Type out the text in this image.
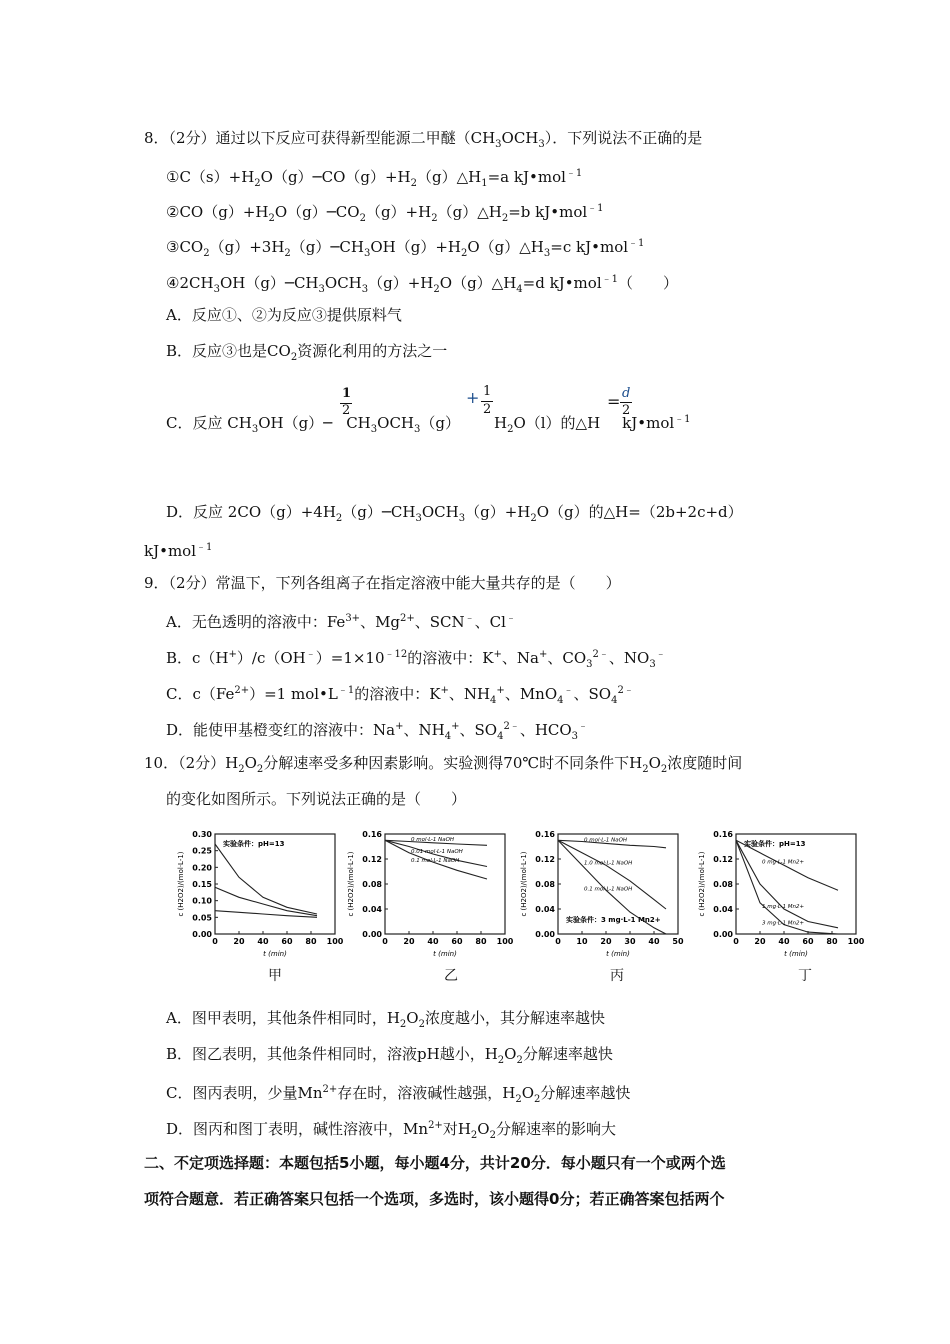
8．（2分）通过以下反应可获得新型能源二甲醚$(CH_3OCH_3)$．下列说法不正确的是
$①C(s)+H_2O(g)─CO(g)+H_2(g)\triangle H_1=a$ kJ•mol$^{﹣1}$
$②CO(g)+H_2O(g)─CO_2(g)+H_2(g)\triangle H_2=b$ kJ•mol$^{﹣1}$
$③CO_2(g)+3H_2(g)─CH_3OH(g)+H_2O(g)\triangle H_3=c$ kJ•mol$^{﹣1}$
$④2CH_3OH(g)─CH_3OCH_3(g)+H_2O(g)\triangle H_4=d$ kJ•mol$^{﹣1}$（　　）
A．反应①、②为反应③提供原料气
B．反应③也是$CO_2$资源化利用的方法之一
C．反应 $CH_3OH(g)─$ $CH_3OCH_3(g)$ $H_2O(l)$的△H kJ•mol$^{﹣1}$
1
2
+ 1
2	= d
2
D．反应 $2CO(g)+4H_2(g)─CH_3OCH_3(g)+H_2O(g)$的△H=（2b+2c+d）
kJ•mol$^{﹣1}$
9．（2分）常温下，下列各组离子在指定溶液中能大量共存的是（　　）
A．无色透明的溶液中：$Fe^{3+}$、$Mg^{2+}$、SCN﹣、Cl﹣
B．$c(H^+)/c(OH^﹣)=1\times 10^{﹣12}$的溶液中：K+、Na+、$CO_3^{2﹣}$、$NO_3^﹣$
C．$c(Fe^{2+})=1$ $mol•L^{﹣1}$的溶液中：K+、$NH_4^+$、MnO$_4$﹣、$SO_4^{2﹣}$
D．能使甲基橙变红的溶液中：Na+、$NH_4^+$、$SO_4^{2﹣}$、$HCO_3^﹣$
10．（2分）$H_2O_2$分解速率受多种因素影响。实验测得70℃时不同条件下$H_2O_2$浓度随时间
的变化如图所示。下列说法正确的是（　　）
0.00
0.05
0.10
0.15
0.20
0.25
0.30
0 20 40 60 80 100
t (min)
c (H2O2)/(mol·L-1)
实验条件：pH=13
0.00
0.04
0.08
0.12
0.16
0 20 40 60 80 100
t (min)
c (H2O2)/(mol·L-1)
0 mol·L-1 NaOH
0.01 mol·L-1 NaOH
0.1 mol·L-1 NaOH
0.00
0.04
0.08
0.12
0.16
0 10 20 30 40 50
t (min)
c (H2O2)/(mol·L-1)
实验条件：3 mg·L-1 Mn2+
0 mol·L-1 NaOH
1.0 mol·L-1 NaOH
0.1 mol·L-1 NaOH
0.00
0.04
0.08
0.12
0.16
0 20 40 60 80 100
t (min)
c (H2O2)/(mol·L-1)
实验条件：pH=13
0 mg·L-1 Mn2+
1 mg·L-1 Mn2+
3 mg·L-1 Mn2+
甲	乙	丙	丁
A．图甲表明，其他条件相同时，$H_2O_2$浓度越小，其分解速率越快
B．图乙表明，其他条件相同时，溶液pH越小，$H_2O_2$分解速率越快
C．图丙表明，少量$Mn^{2+}$存在时，溶液碱性越强，$H_2O_2$分解速率越快
D．图丙和图丁表明，碱性溶液中，$Mn^{2+}$对$H_2O_2$分解速率的影响大
二、不定项选择题：本题包括5小题，每小题4分，共计20分．每小题只有一个或两个选
项符合题意．若正确答案只包括一个选项，多选时，该小题得0分；若正确答案包括两个
